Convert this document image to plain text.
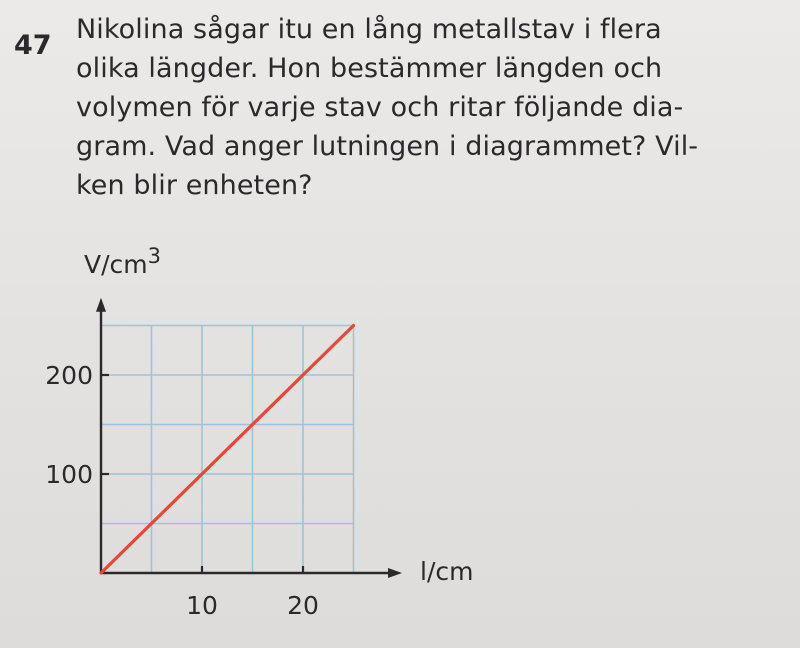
47
Nikolina sågar itu en lång metallstav i flera
olika längder. Hon bestämmer längden och
volymen för varje stav och ritar följande dia-
gram. Vad anger lutningen i diagrammet? Vil-
ken blir enheten?
10	20
100
200
$V/cm^3$
l/cm
